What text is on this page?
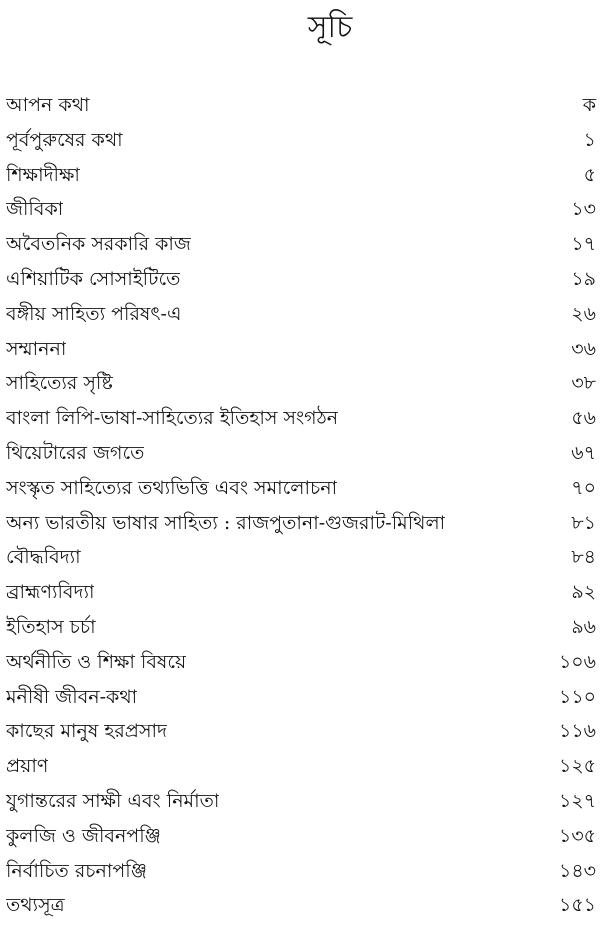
সূচি
আপন কথা	ক
পূর্বপুরুষের কথা	১
শিক্ষাদীক্ষা	৫
জীবিকা	১৩
অবৈতনিক সরকারি কাজ	১৭
এশিয়াটিক সোসাইটিতে	১৯
বঙ্গীয় সাহিত্য পরিষৎ-এ	২৬
সম্মাননা	৩৬
সাহিত্যের সৃষ্টি	৩৮
বাংলা লিপি-ভাষা-সাহিত্যের ইতিহাস সংগঠন	৫৬
থিয়েটারের জগতে	৬৭
সংস্কৃত সাহিত্যের তথ্যভিত্তি এবং সমালোচনা	৭০
অন্য ভারতীয় ভাষার সাহিত্য : রাজপুতানা-গুজরাট-মিথিলা	৮১
বৌদ্ধবিদ্যা	৮৪
ব্রাহ্মণ্যবিদ্যা	৯২
ইতিহাস চর্চা	৯৬
অর্থনীতি ও শিক্ষা বিষয়ে	১০৬
মনীষী জীবন-কথা	১১০
কাছের মানুষ হরপ্রসাদ	১১৬
প্রয়াণ	১২৫
যুগান্তরের সাক্ষী এবং নির্মাতা	১২৭
কুলজি ও জীবনপঞ্জি	১৩৫
নির্বাচিত রচনাপঞ্জি	১৪৩
তথ্যসূত্র	১৫১
